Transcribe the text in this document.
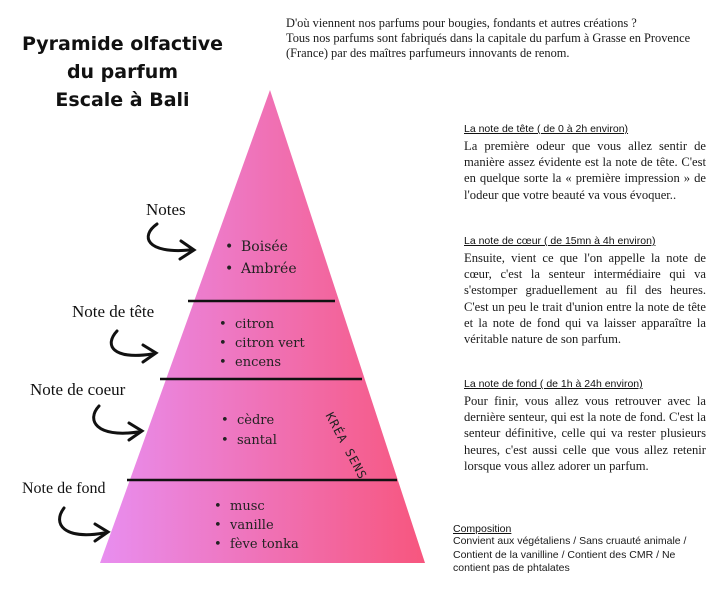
Pyramide olfactive
du parfum
Escale à Bali
D'où viennent nos parfums pour bougies, fondants et autres créations ?
Tous nos parfums sont fabriqués dans la capitale du parfum à Grasse en Provence (France) par des maîtres parfumeurs innovants de renom.
Notes
Note de tête
Note de coeur
Note de fond
• Boisée
• Ambrée
• citron
• citron vert
• encens
• cèdre
• santal
• musc
• vanille
• fève tonka
KRÉA SENS
La note de tête ( de 0 à 2h environ)
La première odeur que vous allez sentir de manière assez évidente est la note de tête. C'est en quelque sorte la « première impression » de l'odeur que votre beauté va vous évoquer..
La note de cœur ( de 15mn à 4h environ)
Ensuite, vient ce que l'on appelle la note de cœur, c'est la senteur intermédiaire qui va s'estomper graduellement au fil des heures. C'est un peu le trait d'union entre la note de tête et la note de fond qui va laisser apparaître la véritable nature de son parfum.
La note de fond ( de 1h à 24h environ)
Pour finir, vous allez vous retrouver avec la dernière senteur, qui est la note de fond. C'est la senteur définitive, celle qui va rester plusieurs heures, c'est aussi celle que vous allez retenir lorsque vous allez adorer un parfum.
Composition
Convient aux végétaliens / Sans cruauté animale / Contient de la vanilline / Contient des CMR / Ne contient pas de phtalates
